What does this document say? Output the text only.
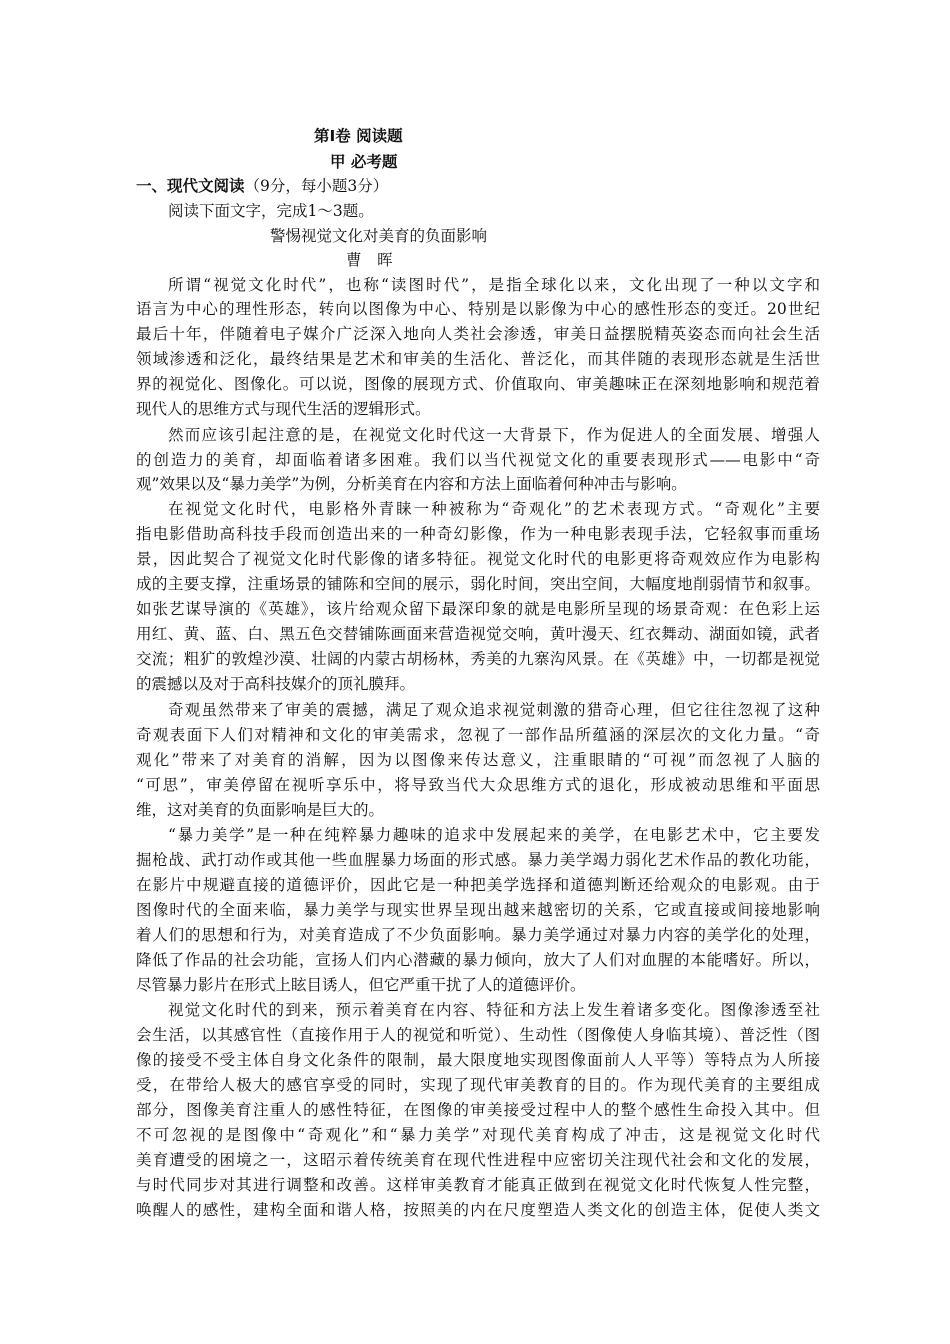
第Ⅰ卷 阅读题
甲 必考题
一、现代文阅读（9分，每小题3分）
阅读下面文字，完成1～3题。
警惕视觉文化对美育的负面影响
曹　晖
所谓“视觉文化时代”，也称“读图时代”，是指全球化以来，文化出现了一种以文字和
语言为中心的理性形态，转向以图像为中心、特别是以影像为中心的感性形态的变迁。20世纪
最后十年，伴随着电子媒介广泛深入地向人类社会渗透，审美日益摆脱精英姿态而向社会生活
领域渗透和泛化，最终结果是艺术和审美的生活化、普泛化，而其伴随的表现形态就是生活世
界的视觉化、图像化。可以说，图像的展现方式、价值取向、审美趣味正在深刻地影响和规范着
现代人的思维方式与现代生活的逻辑形式。
然而应该引起注意的是，在视觉文化时代这一大背景下，作为促进人的全面发展、增强人
的创造力的美育，却面临着诸多困难。我们以当代视觉文化的重要表现形式——电影中“奇
观”效果以及“暴力美学”为例，分析美育在内容和方法上面临着何种冲击与影响。
在视觉文化时代，电影格外青睐一种被称为“奇观化”的艺术表现方式。“奇观化”主要
指电影借助高科技手段而创造出来的一种奇幻影像，作为一种电影表现手法，它轻叙事而重场
景，因此契合了视觉文化时代影像的诸多特征。视觉文化时代的电影更将奇观效应作为电影构
成的主要支撑，注重场景的铺陈和空间的展示，弱化时间，突出空间，大幅度地削弱情节和叙事。
如张艺谋导演的《英雄》，该片给观众留下最深印象的就是电影所呈现的场景奇观：在色彩上运
用红、黄、蓝、白、黑五色交替铺陈画面来营造视觉交响，黄叶漫天、红衣舞动、湖面如镜，武者
交流；粗犷的敦煌沙漠、壮阔的内蒙古胡杨林，秀美的九寨沟风景。在《英雄》中，一切都是视觉
的震撼以及对于高科技媒介的顶礼膜拜。
奇观虽然带来了审美的震撼，满足了观众追求视觉刺激的猎奇心理，但它往往忽视了这种
奇观表面下人们对精神和文化的审美需求，忽视了一部作品所蕴涵的深层次的文化力量。“奇
观化”带来了对美育的消解，因为以图像来传达意义，注重眼睛的“可视”而忽视了人脑的
“可思”，审美停留在视听享乐中，将导致当代大众思维方式的退化，形成被动思维和平面思
维，这对美育的负面影响是巨大的。
“暴力美学”是一种在纯粹暴力趣味的追求中发展起来的美学，在电影艺术中，它主要发
掘枪战、武打动作或其他一些血腥暴力场面的形式感。暴力美学竭力弱化艺术作品的教化功能，
在影片中规避直接的道德评价，因此它是一种把美学选择和道德判断还给观众的电影观。由于
图像时代的全面来临，暴力美学与现实世界呈现出越来越密切的关系，它或直接或间接地影响
着人们的思想和行为，对美育造成了不少负面影响。暴力美学通过对暴力内容的美学化的处理，
降低了作品的社会功能，宣扬人们内心潜藏的暴力倾向，放大了人们对血腥的本能嗜好。所以，
尽管暴力影片在形式上眩目诱人，但它严重干扰了人的道德评价。
视觉文化时代的到来，预示着美育在内容、特征和方法上发生着诸多变化。图像渗透至社
会生活，以其感官性（直接作用于人的视觉和听觉）、生动性（图像使人身临其境）、普泛性（图
像的接受不受主体自身文化条件的限制，最大限度地实现图像面前人人平等）等特点为人所接
受，在带给人极大的感官享受的同时，实现了现代审美教育的目的。作为现代美育的主要组成
部分，图像美育注重人的感性特征，在图像的审美接受过程中人的整个感性生命投入其中。但
不可忽视的是图像中“奇观化”和“暴力美学”对现代美育构成了冲击，这是视觉文化时代
美育遭受的困境之一，这昭示着传统美育在现代性进程中应密切关注现代社会和文化的发展，
与时代同步对其进行调整和改善。这样审美教育才能真正做到在视觉文化时代恢复人性完整，
唤醒人的感性，建构全面和谐人格，按照美的内在尺度塑造人类文化的创造主体，促使人类文
